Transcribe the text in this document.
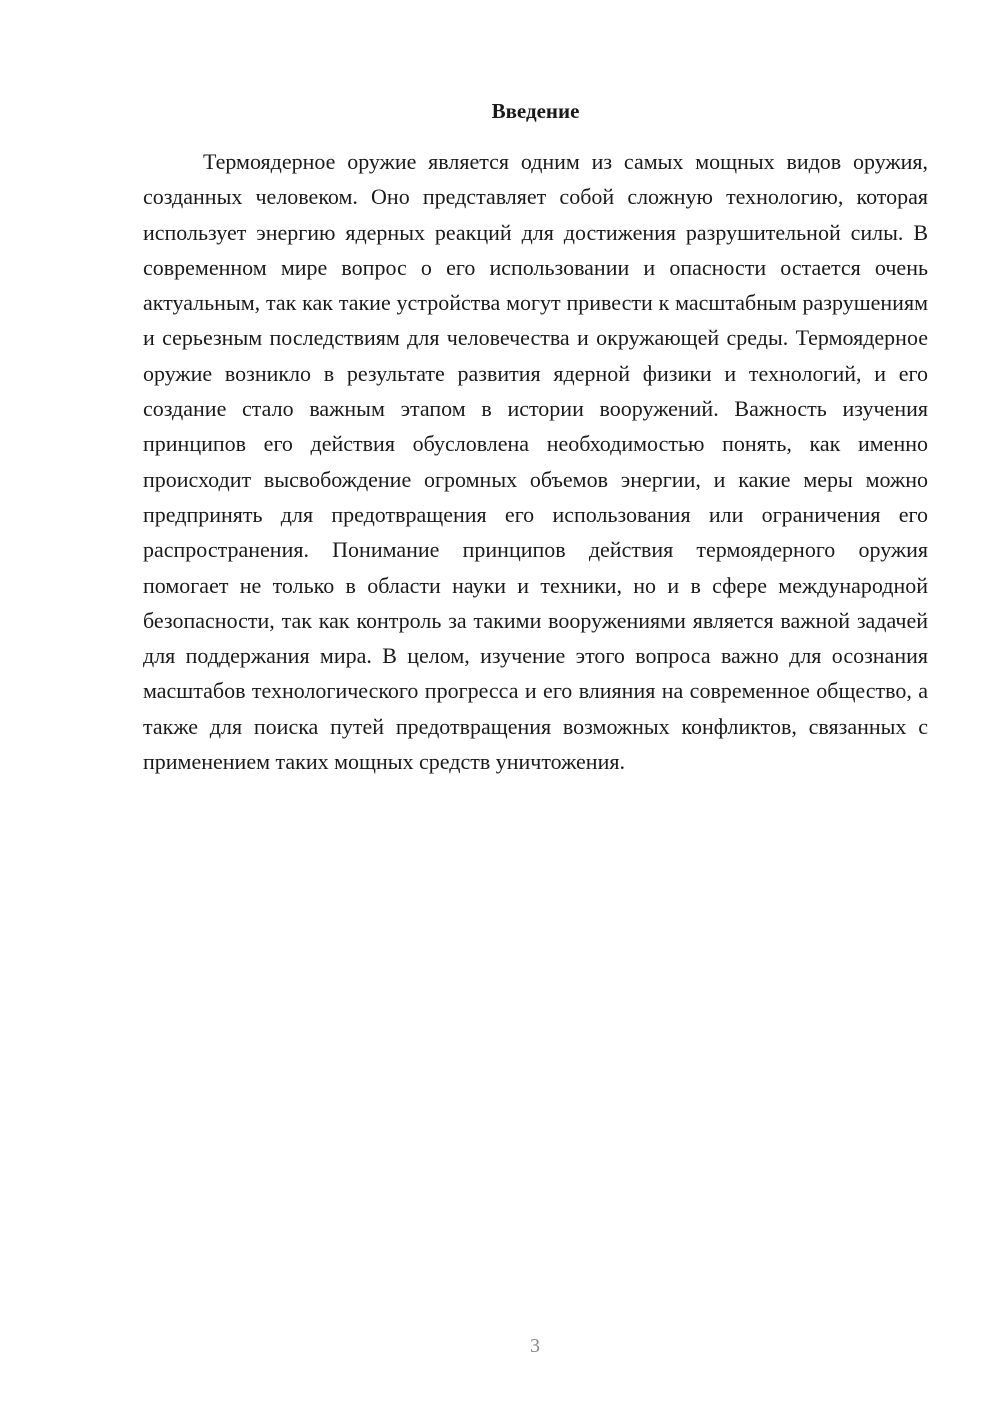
Введение

Термоядерное оружие является одним из самых мощных видов оружия, созданных человеком. Оно представляет собой сложную технологию, которая использует энергию ядерных реакций для достижения разрушительной силы. В современном мире вопрос о его использовании и опасности остается очень актуальным, так как такие устройства могут привести к масштабным разрушениям и серьезным последствиям для человечества и окружающей среды. Термоядерное оружие возникло в результате развития ядерной физики и технологий, и его создание стало важным этапом в истории вооружений. Важность изучения принципов его действия обусловлена необходимостью понять, как именно происходит высвобождение огромных объемов энергии, и какие меры можно предпринять для предотвращения его использования или ограничения его распространения. Понимание принципов действия термоядерного оружия помогает не только в области науки и техники, но и в сфере международной безопасности, так как контроль за такими вооружениями является важной задачей для поддержания мира. В целом, изучение этого вопроса важно для осознания масштабов технологического прогресса и его влияния на современное общество, а также для поиска путей предотвращения возможных конфликтов, связанных с применением таких мощных средств уничтожения.

3
